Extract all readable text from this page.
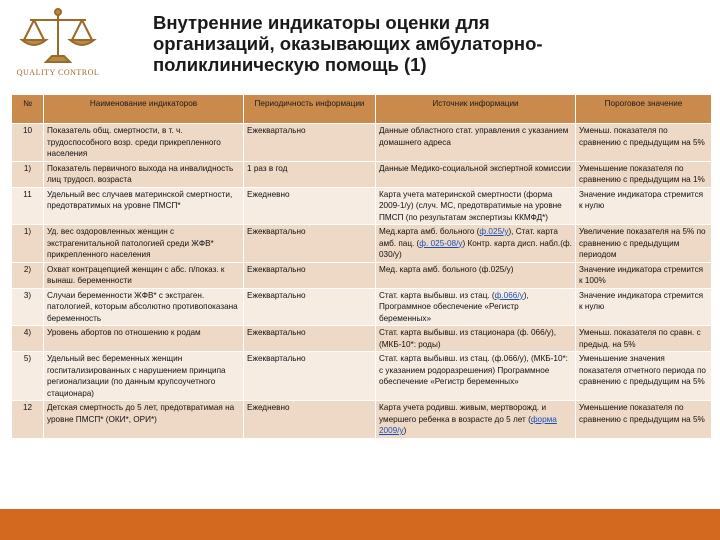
QUALITY CONTROL
Внутренние индикаторы оценки для
организаций, оказывающих амбулаторно-
поликлиническую помощь (1)
№	Наименование индикаторов	Периодичность информации	Источник информации	Пороговое значение
10	Показатель общ. смертности, в т. ч. трудоспособного возр. среди прикрепленного населения	Ежеквартально	Данные областного стат. управления с указанием домашнего адреса	Уменьш. показателя по сравнению с предыдущим на 5%
1)	Показатель первичного выхода на инвалидность лиц трудосп. возраста	1 раз в год	Данные Медико-социальной экспертной комиссии	Уменьшение показателя по сравнению с предыдущим на 1%
11	Удельный вес случаев материнской смертности, предотвратимых на уровне ПМСП*	Ежедневно	Карта учета материнской смертности (форма 2009-1/у) (случ. МС, предотвратимые на уровне ПМСП (по результатам экспертизы ККМФД*)	Значение индикатора стремится к нулю
1)	Уд. вес оздоровленных женщин с экстрагенитальной патологией среди ЖФВ* прикрепленного населения	Ежеквартально	Мед.карта амб. больного (ф.025/у), Стат. карта амб. пац. (ф. 025-08/у) Контр. карта дисп. набл.(ф. 030/у)	Увеличение показателя на 5% по сравнению с предыдущим периодом
2)	Охват контрацепцией женщин с абс. п/показ. к вынаш. беременности	Ежеквартально	Мед. карта амб. больного (ф.025/у)	Значение индикатора стремится к 100%
3)	Случаи беременности ЖФВ* с экстраген. патологией, которым абсолютно противопоказана беременность	Ежеквартально	Стат. карта выбывш. из стац. (ф.066/у), Программное обеспечение «Регистр беременных»	Значение индикатора стремится к нулю
4)	Уровень абортов по отношению к родам	Ежеквартально	Стат. карта выбывш. из стационара (ф. 066/у), (МКБ-10*: роды)	Уменьш. показателя по сравн. с предыд. на 5%
5)	Удельный вес беременных женщин госпитализированных с нарушением принципа регионализации (по данным крупсоучетного стационара)	Ежеквартально	Стат. карта выбывш. из стац. (ф.066/у), (МКБ-10*: с указанием родоразрешения) Программное обеспечение «Регистр беременных»	Уменьшение значения показателя отчетного периода по сравнению с предыдущим на 5%
12	Детская смертность до 5 лет, предотвратимая на уровне ПМСП* (ОКИ*, ОРИ*)	Ежедневно	Карта учета родивш. живым, мертворожд. и умершего ребенка в возрасте до 5 лет (форма 2009/у)	Уменьшение показателя по сравнению с предыдущим на 5%
